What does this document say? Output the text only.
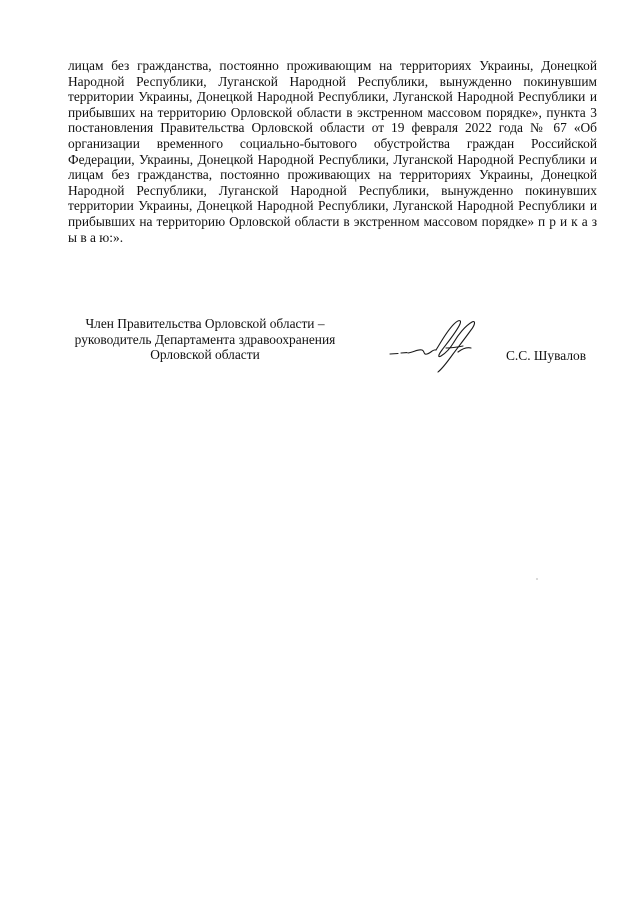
лицам без гражданства, постоянно проживающим на территориях Украины, Донецкой Народной Республики, Луганской Народной Республики, вынужденно покинувшим территории Украины, Донецкой Народной Республики, Луганской Народной Республики и прибывших на территорию Орловской области в экстренном массовом порядке», пункта 3 постановления Правительства Орловской области от 19 февраля 2022 года № 67 «Об организации временного социально-бытового обустройства граждан Российской Федерации, Украины, Донецкой Народной Республики, Луганской Народной Республики и лицам без гражданства, постоянно проживающих на территориях Украины, Донецкой Народной Республики, Луганской Народной Республики, вынужденно покинувших территории Украины, Донецкой Народной Республики, Луганской Народной Республики и прибывших на территорию Орловской области в экстренном массовом порядке» п р и к а з ы в а ю:».

Член Правительства Орловской области –
руководитель Департамента здравоохранения
Орловской области	С.С. Шувалов
